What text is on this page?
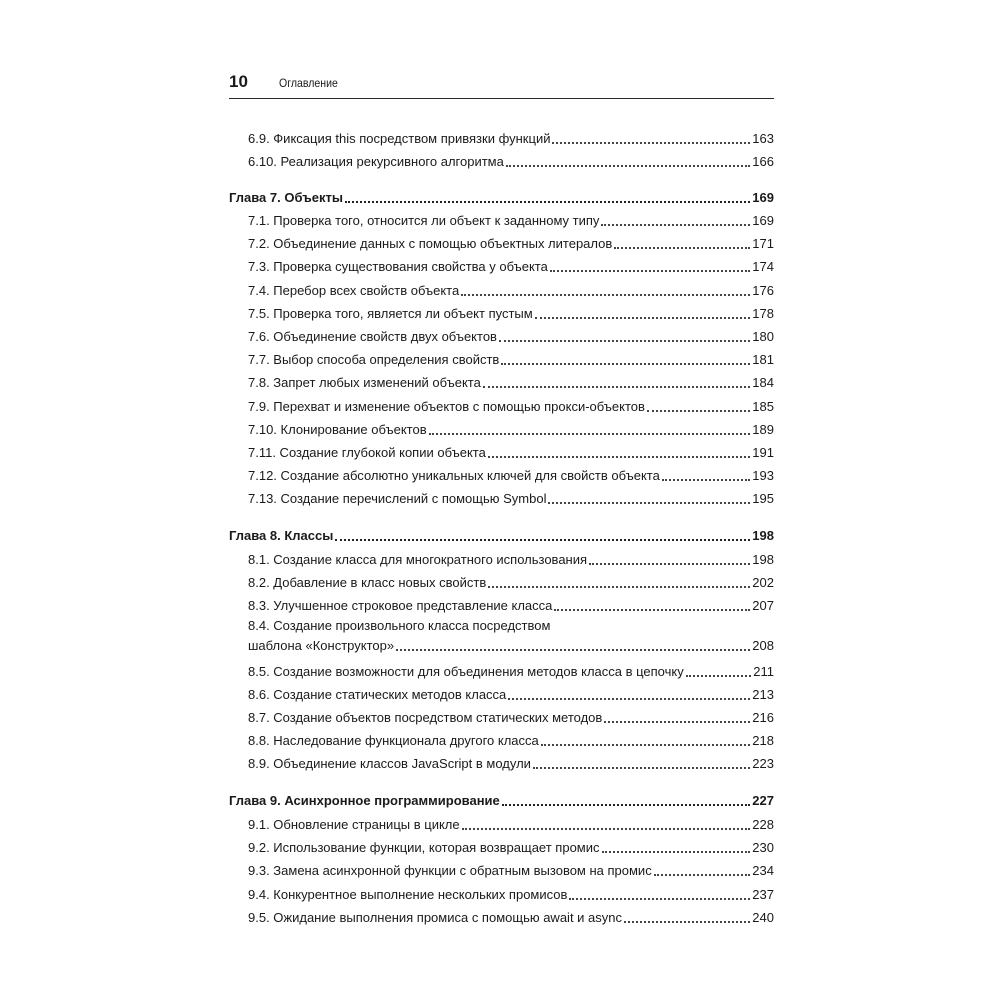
10	Оглавление
6.9. Фиксация this посредством привязки функций	163
6.10. Реализация рекурсивного алгоритма	166
Глава 7. Объекты	169
7.1. Проверка того, относится ли объект к заданному типу	169
7.2. Объединение данных с помощью объектных литералов	171
7.3. Проверка существования свойства у объекта	174
7.4. Перебор всех свойств объекта	176
7.5. Проверка того, является ли объект пустым	178
7.6. Объединение свойств двух объектов	180
7.7. Выбор способа определения свойств	181
7.8. Запрет любых изменений объекта	184
7.9. Перехват и изменение объектов с помощью прокси-объектов	185
7.10. Клонирование объектов	189
7.11. Создание глубокой копии объекта	191
7.12. Создание абсолютно уникальных ключей для свойств объекта	193
7.13. Создание перечислений с помощью Symbol	195
Глава 8. Классы	198
8.1. Создание класса для многократного использования	198
8.2. Добавление в класс новых свойств	202
8.3. Улучшенное строковое представление класса	207
8.4. Создание произвольного класса посредством
шаблона «Конструктор»	208
8.5. Создание возможности для объединения методов класса в цепочку	211
8.6. Создание статических методов класса	213
8.7. Создание объектов посредством статических методов	216
8.8. Наследование функционала другого класса	218
8.9. Объединение классов JavaScript в модули	223
Глава 9. Асинхронное программирование	227
9.1. Обновление страницы в цикле	228
9.2. Использование функции, которая возвращает промис	230
9.3. Замена асинхронной функции с обратным вызовом на промис	234
9.4. Конкурентное выполнение нескольких промисов	237
9.5. Ожидание выполнения промиса с помощью await и async	240
